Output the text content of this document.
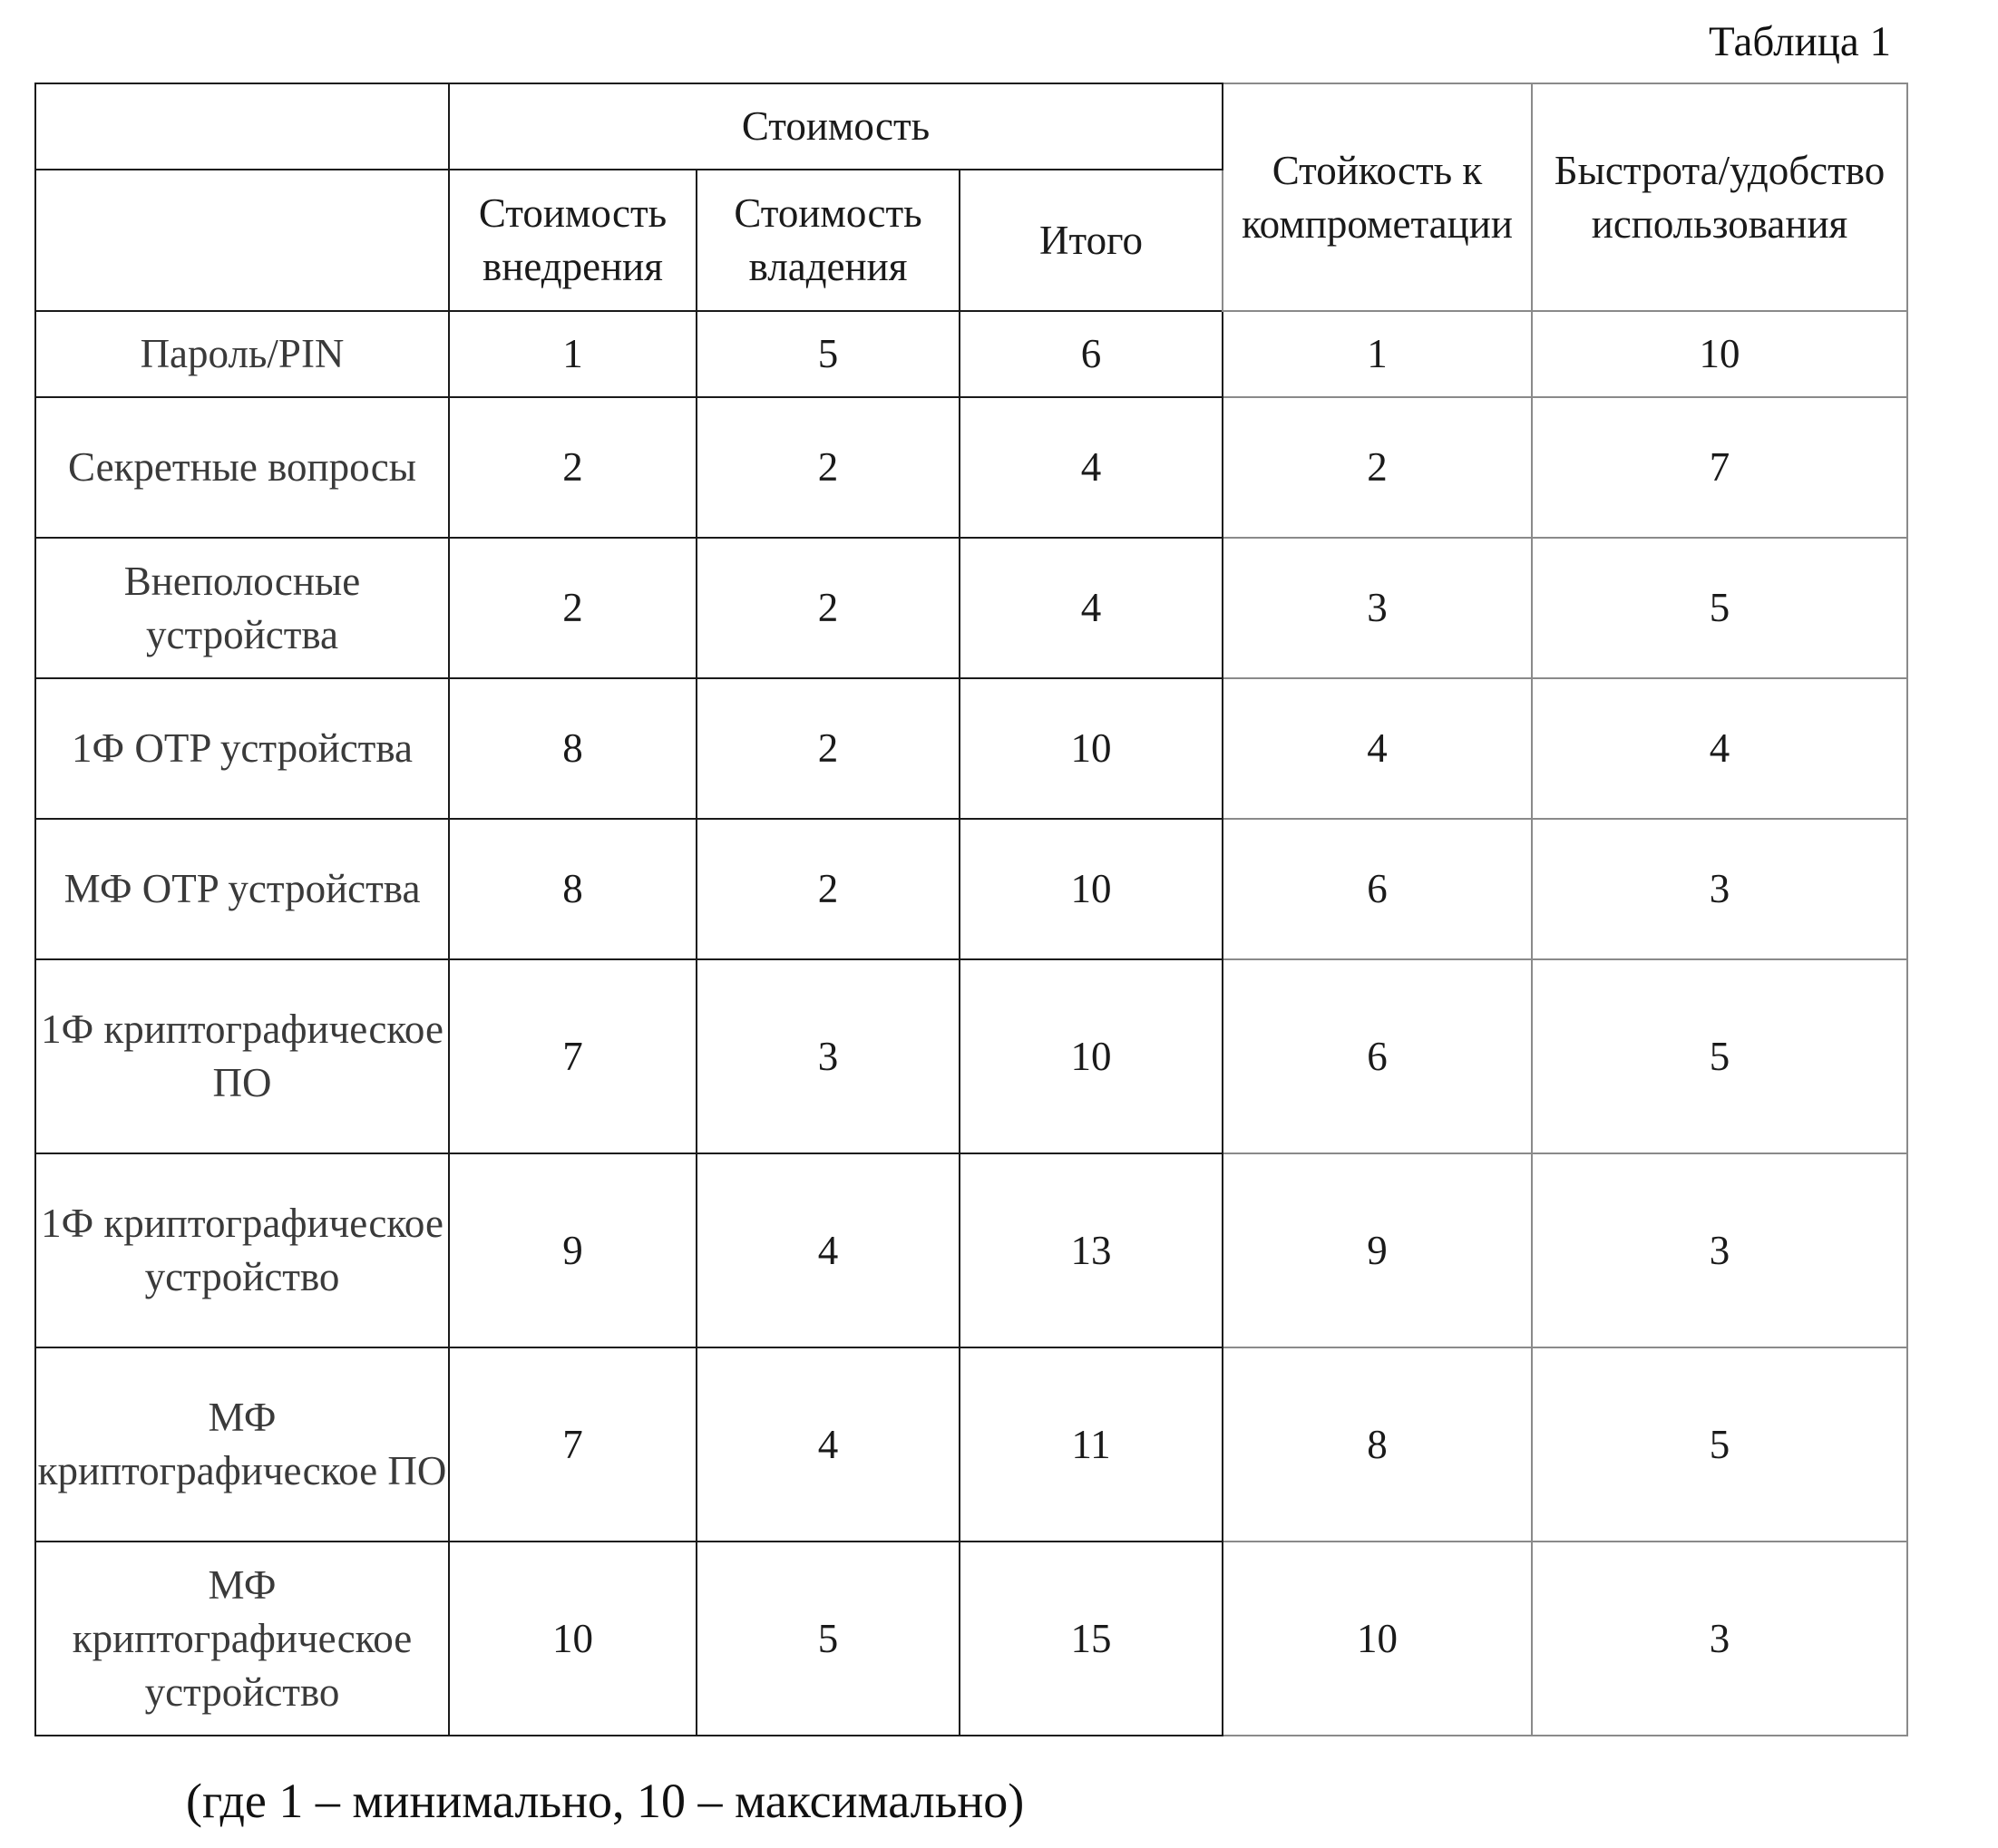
Таблица 1
	Стоимость			Стойкость к компрометации	Быстрота/удобство использования
	Стоимость внедрения	Стоимость владения	Итого		
Пароль/PIN	1	5	6	1	10
Секретные вопросы	2	2	4	2	7
Внеполосные устройства	2	2	4	3	5
1Ф OTP устройства	8	2	10	4	4
МФ OTP устройства	8	2	10	6	3
1Ф криптографическое ПО	7	3	10	6	5
1Ф криптографическое устройство	9	4	13	9	3
МФ криптографическое ПО	7	4	11	8	5
МФ криптографическое устройство	10	5	15	10	3
(где 1 – минимально, 10 – максимально)
